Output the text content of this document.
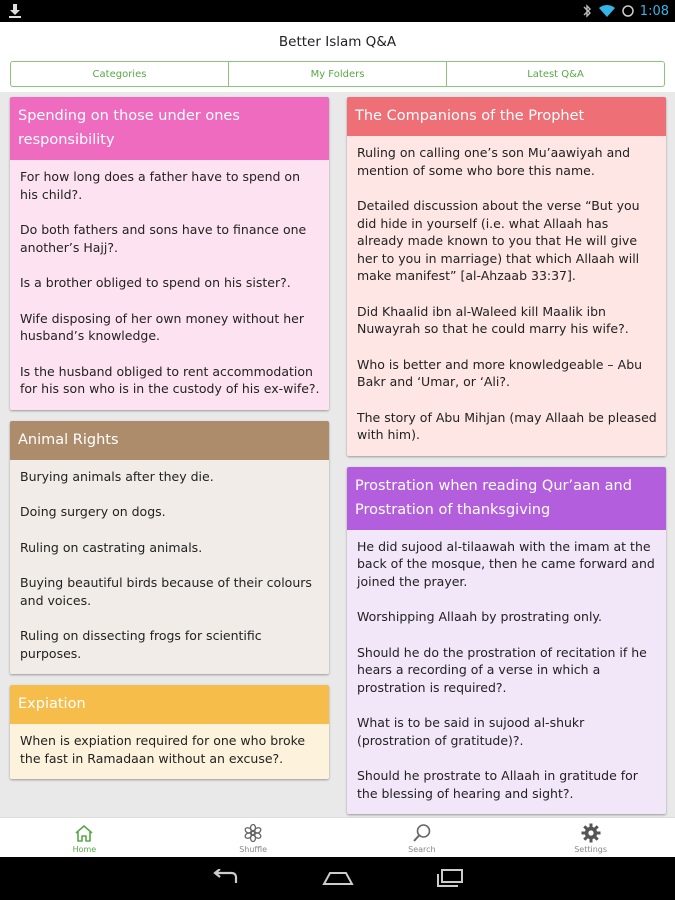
1:08
Better Islam Q&A
Categories	My Folders	Latest Q&A
Spending on those under ones responsibility
For how long does a father have to spend on his child?.
Do both fathers and sons have to finance one another’s Hajj?.
Is a brother obliged to spend on his sister?.
Wife disposing of her own money without her husband’s knowledge.
Is the husband obliged to rent accommodation for his son who is in the custody of his ex-wife?.
Animal Rights
Burying animals after they die.
Doing surgery on dogs.
Ruling on castrating animals.
Buying beautiful birds because of their colours and voices.
Ruling on dissecting frogs for scientific purposes.
Expiation
When is expiation required for one who broke the fast in Ramadaan without an excuse?.
The Companions of the Prophet
Ruling on calling one’s son Mu’aawiyah and mention of some who bore this name.
Detailed discussion about the verse “But you did hide in yourself (i.e. what Allaah has already made known to you that He will give her to you in marriage) that which Allaah will make manifest” [al-Ahzaab 33:37].
Did Khaalid ibn al-Waleed kill Maalik ibn Nuwayrah so that he could marry his wife?.
Who is better and more knowledgeable – Abu Bakr and ‘Umar, or ‘Ali?.
The story of Abu Mihjan (may Allaah be pleased with him).
Prostration when reading Qur’aan and Prostration of thanksgiving
He did sujood al-tilaawah with the imam at the back of the mosque, then he came forward and joined the prayer.
Worshipping Allaah by prostrating only.
Should he do the prostration of recitation if he hears a recording of a verse in which a prostration is required?.
What is to be said in sujood al-shukr (prostration of gratitude)?.
Should he prostrate to Allaah in gratitude for the blessing of hearing and sight?.
Home	Shuffle	Search	Settings
